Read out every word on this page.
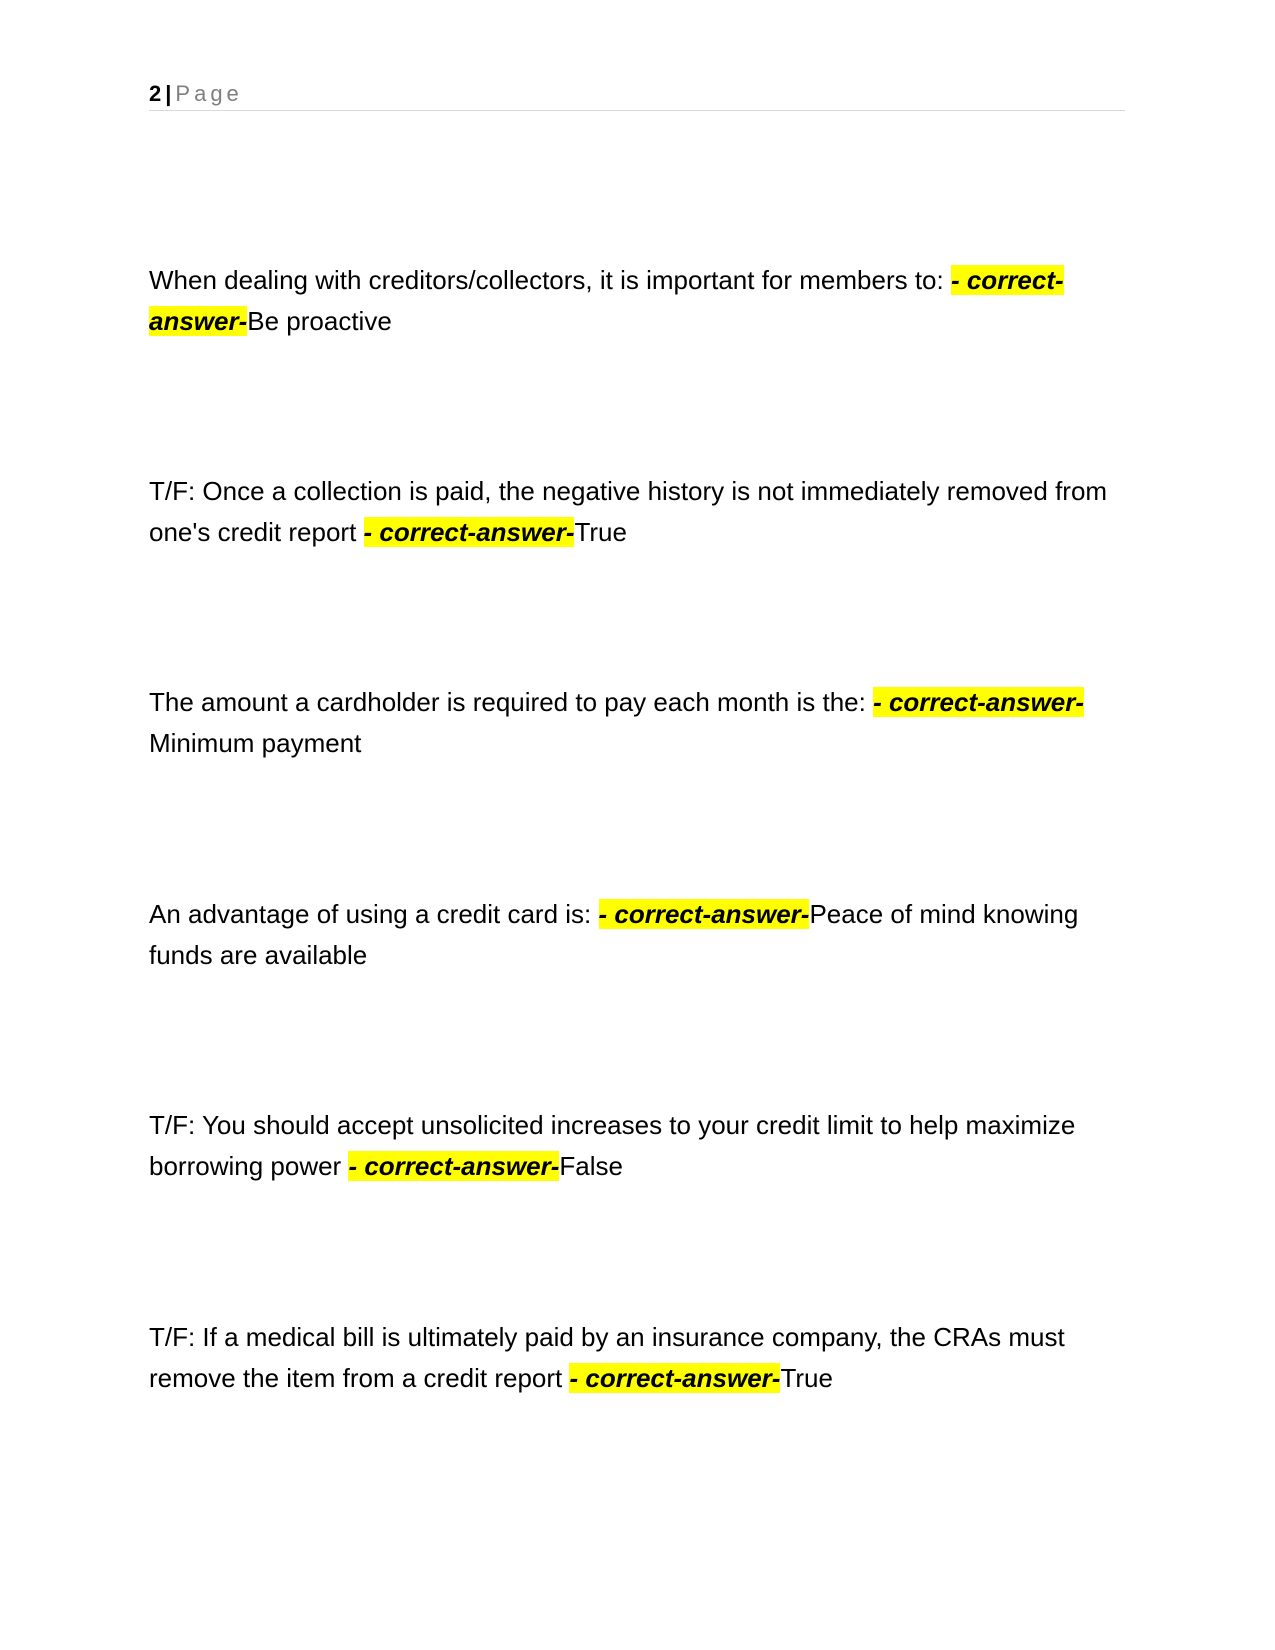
2 | Page

When dealing with creditors/collectors, it is important for members to: - correct-answer-Be proactive

T/F: Once a collection is paid, the negative history is not immediately removed from one's credit report - correct-answer-True

The amount a cardholder is required to pay each month is the: - correct-answer-Minimum payment

An advantage of using a credit card is: - correct-answer-Peace of mind knowing funds are available

T/F: You should accept unsolicited increases to your credit limit to help maximize borrowing power - correct-answer-False

T/F: If a medical bill is ultimately paid by an insurance company, the CRAs must remove the item from a credit report - correct-answer-True
